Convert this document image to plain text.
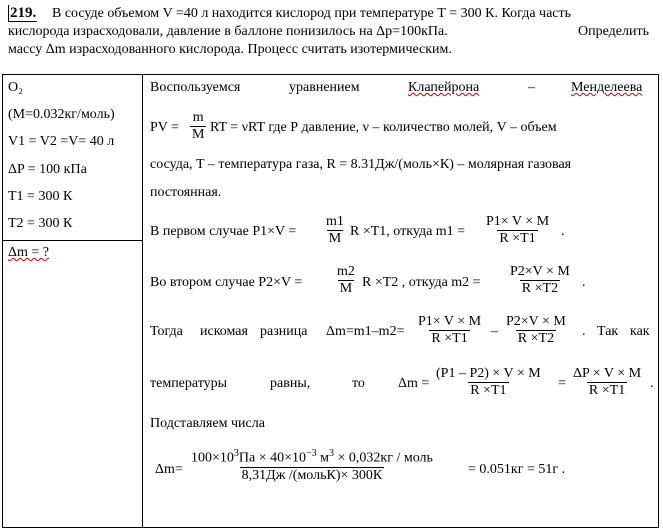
219. В сосуде объемом V =40 л находится кислород при температуре Т = 300 К. Когда часть
кислорода израсходовали, давление в баллоне понизилось на Δр=100кПа.	Определить
массу Δm израсходованного кислорода. Процесс считать изотермическим.
O₂
(M=0.032кг/моль)
V1 = V2 =V= 40 л
ΔP = 100 кПа
T1 = 300 К
T2 = 300 К
Δm = ?
Воспользуемся	уравнением	Клапейрона	–	Менделеева
PV = $\frac{m}{M}$ RT = νRT где Р давление, ν – количество молей, V – объем
сосуда, T – температура газа, R = 8.31Дж/(моль×К) – молярная газовая
постоянная.
В первом случае $P1\times V = \frac{m1}{M}$ R ×T1, откуда $m1 = \frac{P1\times V \times M}{R \times T1}$ .
Во втором случае $P2\times V = \frac{m2}{M}$ R ×T2 , откуда $m2 = \frac{P2\times V \times M}{R \times T2}$ .
Тогда искомая разница $\Delta m=m1-m2= \frac{P1\times V \times M}{R \times T1} - \frac{P2\times V \times M}{R \times T2}$ . Так как
температуры	равны,	то $\Delta m = \frac{(P1 - P2) \times V \times M}{R \times T1} = \frac{\Delta P \times V \times M}{R \times T1}$ .
Подставляем числа
Δm=
$100\times 10^3Па \times 40\times 10^{-3}$ $м^3 \times 0,032кг$ / моль
8,31Дж /(мольК)× 300К	= 0.051кг = 51г .
